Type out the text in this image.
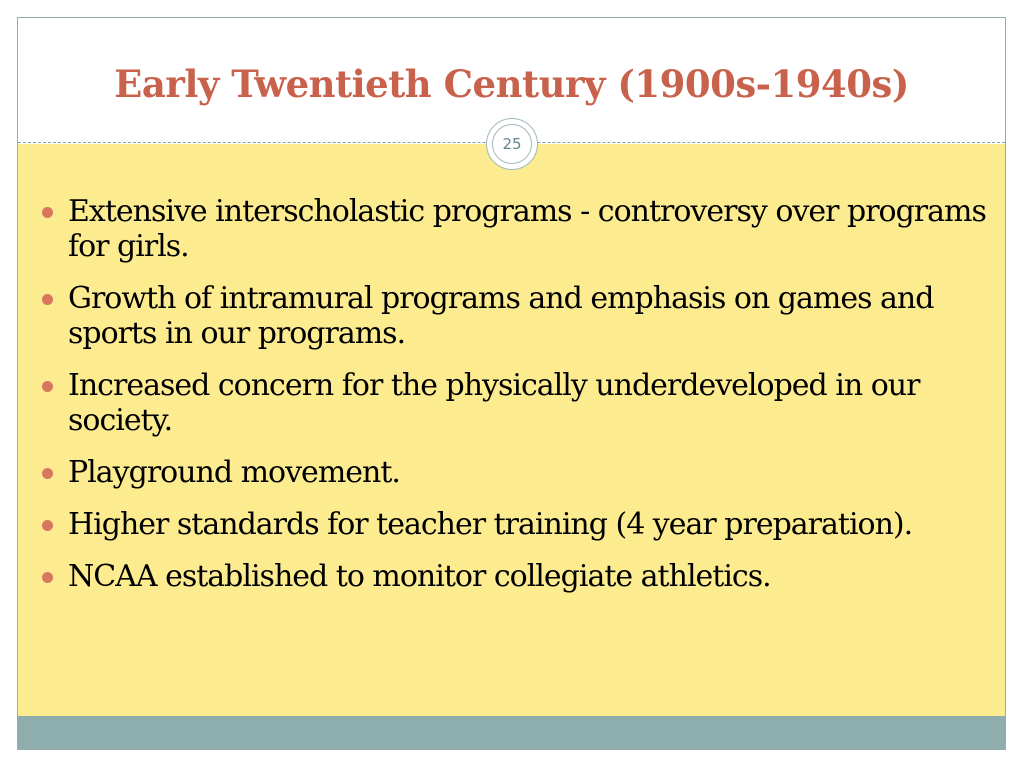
Early Twentieth Century (1900s-1940s)
25
Extensive interscholastic programs - controversy over programs for girls.
Growth of intramural programs and emphasis on games and sports in our programs.
Increased concern for the physically underdeveloped in our society.
Playground movement.
Higher standards for teacher training (4 year preparation).
NCAA established to monitor collegiate athletics.
